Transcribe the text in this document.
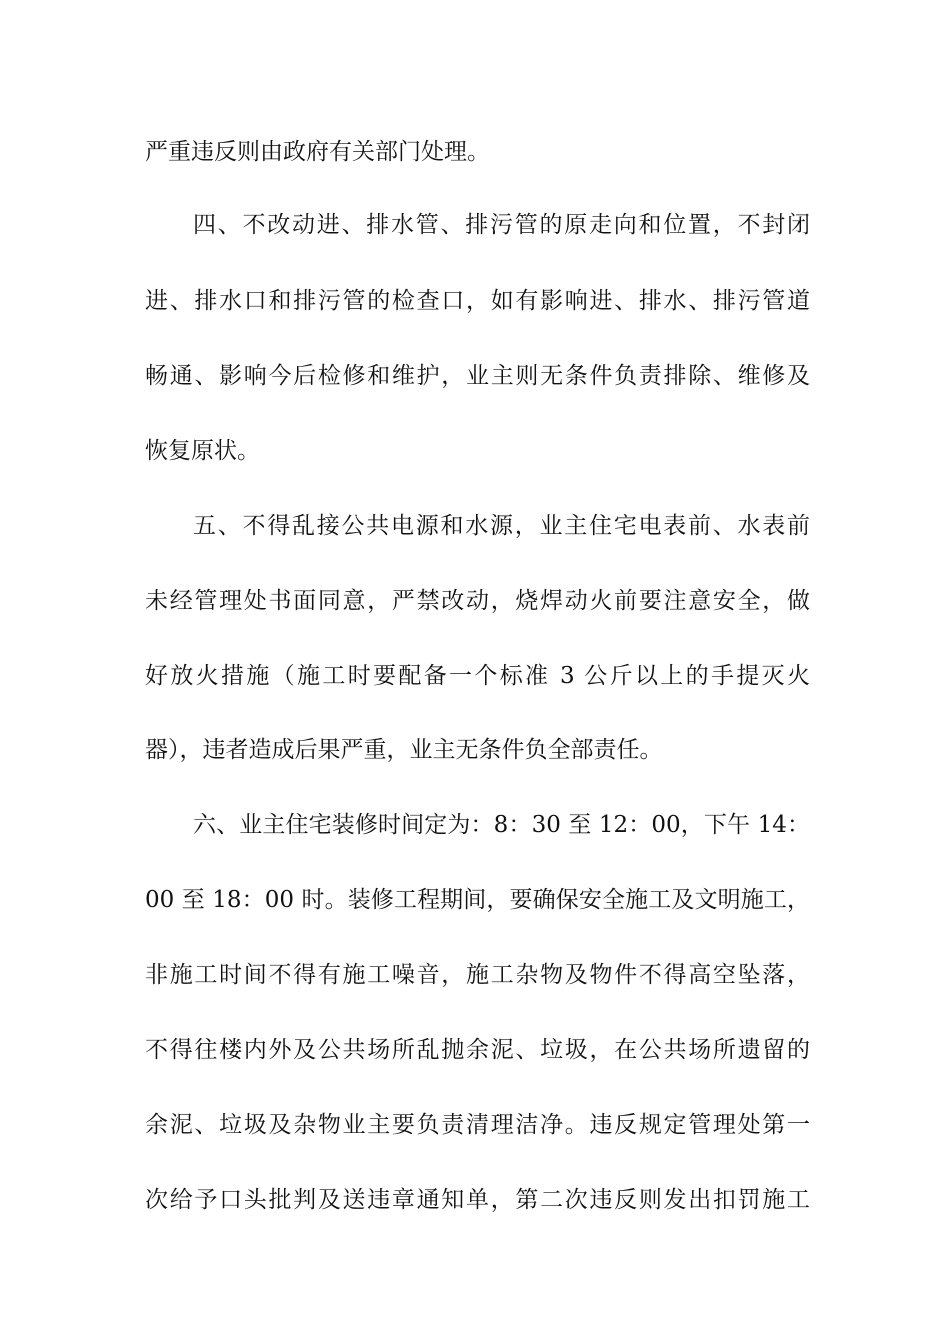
严重违反则由政府有关部门处理。
四、不改动进、排水管、排污管的原走向和位置，不封闭
进、排水口和排污管的检查口，如有影响进、排水、排污管道
畅通、影响今后检修和维护，业主则无条件负责排除、维修及
恢复原状。
五、不得乱接公共电源和水源，业主住宅电表前、水表前
未经管理处书面同意，严禁改动，烧焊动火前要注意安全，做
好放火措施（施工时要配备一个标准 3 公斤以上的手提灭火
器），违者造成后果严重，业主无条件负全部责任。
六、业主住宅装修时间定为：8：30 至 12：00，下午 14：
00 至 18：00 时。装修工程期间，要确保安全施工及文明施工，
非施工时间不得有施工噪音，施工杂物及物件不得高空坠落，
不得往楼内外及公共场所乱抛余泥、垃圾，在公共场所遗留的
余泥、垃圾及杂物业主要负责清理洁净。违反规定管理处第一
次给予口头批判及送违章通知单，第二次违反则发出扣罚施工
